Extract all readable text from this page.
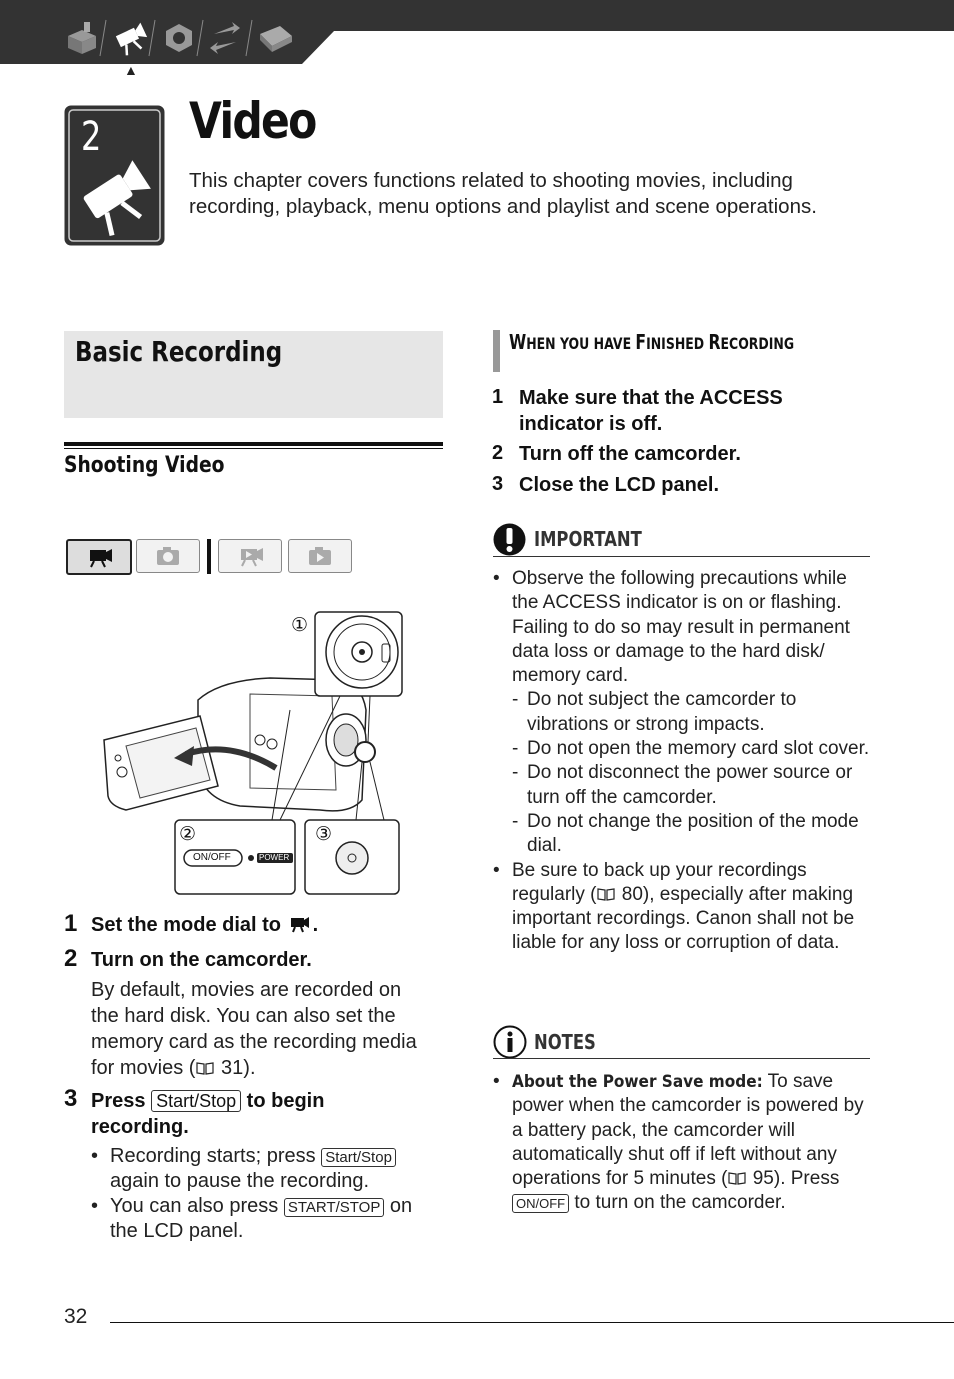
▲
2 Video
This chapter covers functions related to shooting movies, including
recording, playback, menu options and playlist and scene operations.
Basic Recording
Shooting Video
①
②	③
ON/OFF	POWER
1 Set the mode dial to .
2 Turn on the camcorder.
By default, movies are recorded on
the hard disk. You can also set the
memory card as the recording media
for movies ( 31).
3 Press Start/Stop to begin
recording.
• Recording starts; press Start/Stop
again to pause the recording.
• You can also press START/STOP on
the LCD panel.
WHEN YOU HAVE FINISHED RECORDING
1 Make sure that the ACCESS
indicator is off.
2 Turn off the camcorder.
3 Close the LCD panel.
IMPORTANT
• Observe the following precautions while the ACCESS indicator is on or flashing. Failing to do so may result in permanent data loss or damage to the hard disk/ memory card.
- Do not subject the camcorder to vibrations or strong impacts.
- Do not open the memory card slot cover.
- Do not disconnect the power source or turn off the camcorder.
- Do not change the position of the mode dial.
• Be sure to back up your recordings regularly ( 80), especially after making important recordings. Canon shall not be liable for any loss or corruption of data.
NOTES
• About the Power Save mode: To save power when the camcorder is powered by a battery pack, the camcorder will automatically shut off if left without any operations for 5 minutes ( 95). Press ON/OFF to turn on the camcorder.
32
